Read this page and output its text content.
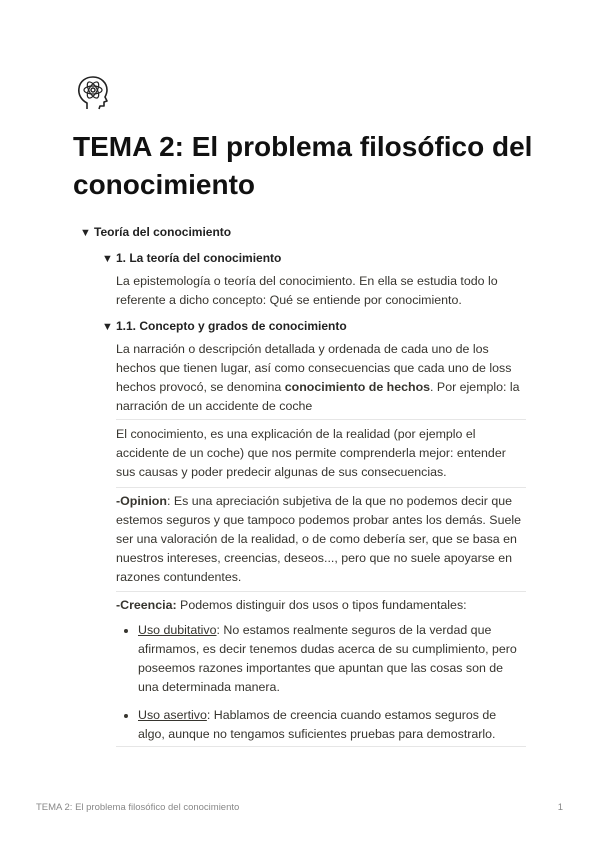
TEMA 2: El problema filosófico del conocimiento
▼ Teoría del conocimiento
▼ 1. La teoría del conocimiento

La epistemología o teoría del conocimiento. En ella se estudia todo lo referente a dicho concepto: Qué se entiende por conocimiento.

▼ 1.1. Concepto y grados de conocimiento

La narración o descripción detallada y ordenada de cada uno de los hechos que tienen lugar, así como consecuencias que cada uno de loss hechos provocó, se denomina conocimiento de hechos. Por ejemplo: la narración de un accidente de coche

El conocimiento, es una explicación de la realidad (por ejemplo el accidente de un coche) que nos permite comprenderla mejor: entender sus causas y poder predecir algunas de sus consecuencias.

-Opinion: Es una apreciación subjetiva de la que no podemos decir que estemos seguros y que tampoco podemos probar antes los demás. Suele ser una valoración de la realidad, o de como debería ser, que se basa en nuestros intereses, creencias, deseos..., pero que no suele apoyarse en razones contundentes.

-Creencia: Podemos distinguir dos usos o tipos fundamentales:

Uso dubitativo: No estamos realmente seguros de la verdad que afirmamos, es decir tenemos dudas acerca de su cumplimiento, pero poseemos razones importantes que apuntan que las cosas son de una determinada manera.
Uso asertivo: Hablamos de creencia cuando estamos seguros de algo, aunque no tengamos suficientes pruebas para demostrarlo.
TEMA 2: El problema filosófico del conocimiento	1
